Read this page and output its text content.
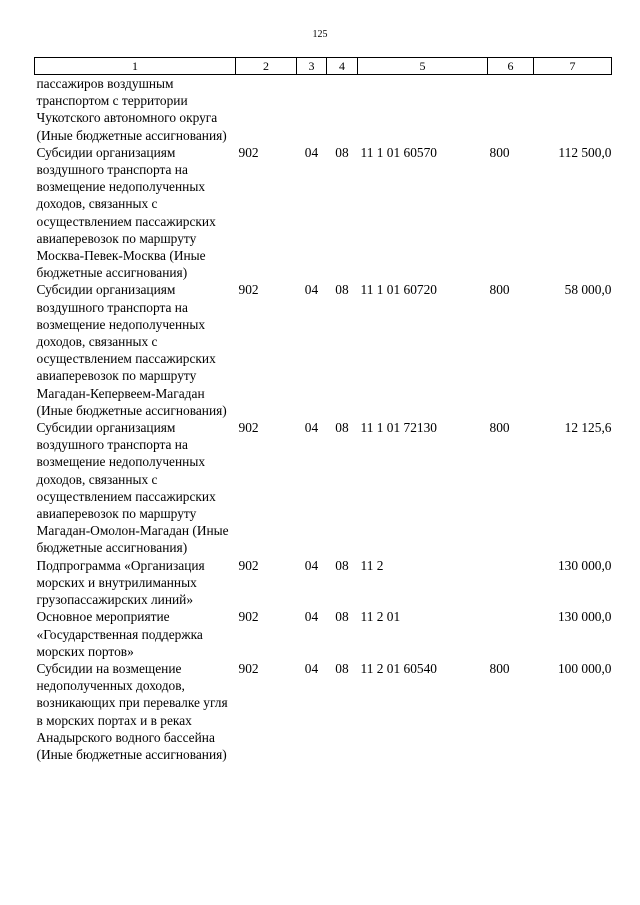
125
1	2	3	4	5	6	7
пассажиров воздушным транспортом с территории Чукотского автономного округа (Иные бюджетные ассигнования)						
Субсидии организациям воздушного транспорта на возмещение недополученных доходов, связанных с осуществлением пассажирских авиаперевозок по маршруту Москва-Певек-Москва (Иные бюджетные ассигнования)	902	04	08	11 1 01 60570	800	112 500,0
Субсидии организациям воздушного транспорта на возмещение недополученных доходов, связанных с осуществлением пассажирских авиаперевозок по маршруту Магадан-Кепервеем-Магадан (Иные бюджетные ассигнования)	902	04	08	11 1 01 60720	800	58 000,0
Субсидии организациям воздушного транспорта на возмещение недополученных доходов, связанных с осуществлением пассажирских авиаперевозок по маршруту Магадан-Омолон-Магадан (Иные бюджетные ассигнования)	902	04	08	11 1 01 72130	800	12 125,6
Подпрограмма «Организация морских и внутрилиманных грузопассажирских линий»	902	04	08	11 2		130 000,0
Основное мероприятие «Государственная поддержка морских портов»	902	04	08	11 2 01		130 000,0
Субсидии на возмещение недополученных доходов, возникающих при перевалке угля в морских портах и в реках Анадырского водного бассейна (Иные бюджетные ассигнования)	902	04	08	11 2 01 60540	800	100 000,0
